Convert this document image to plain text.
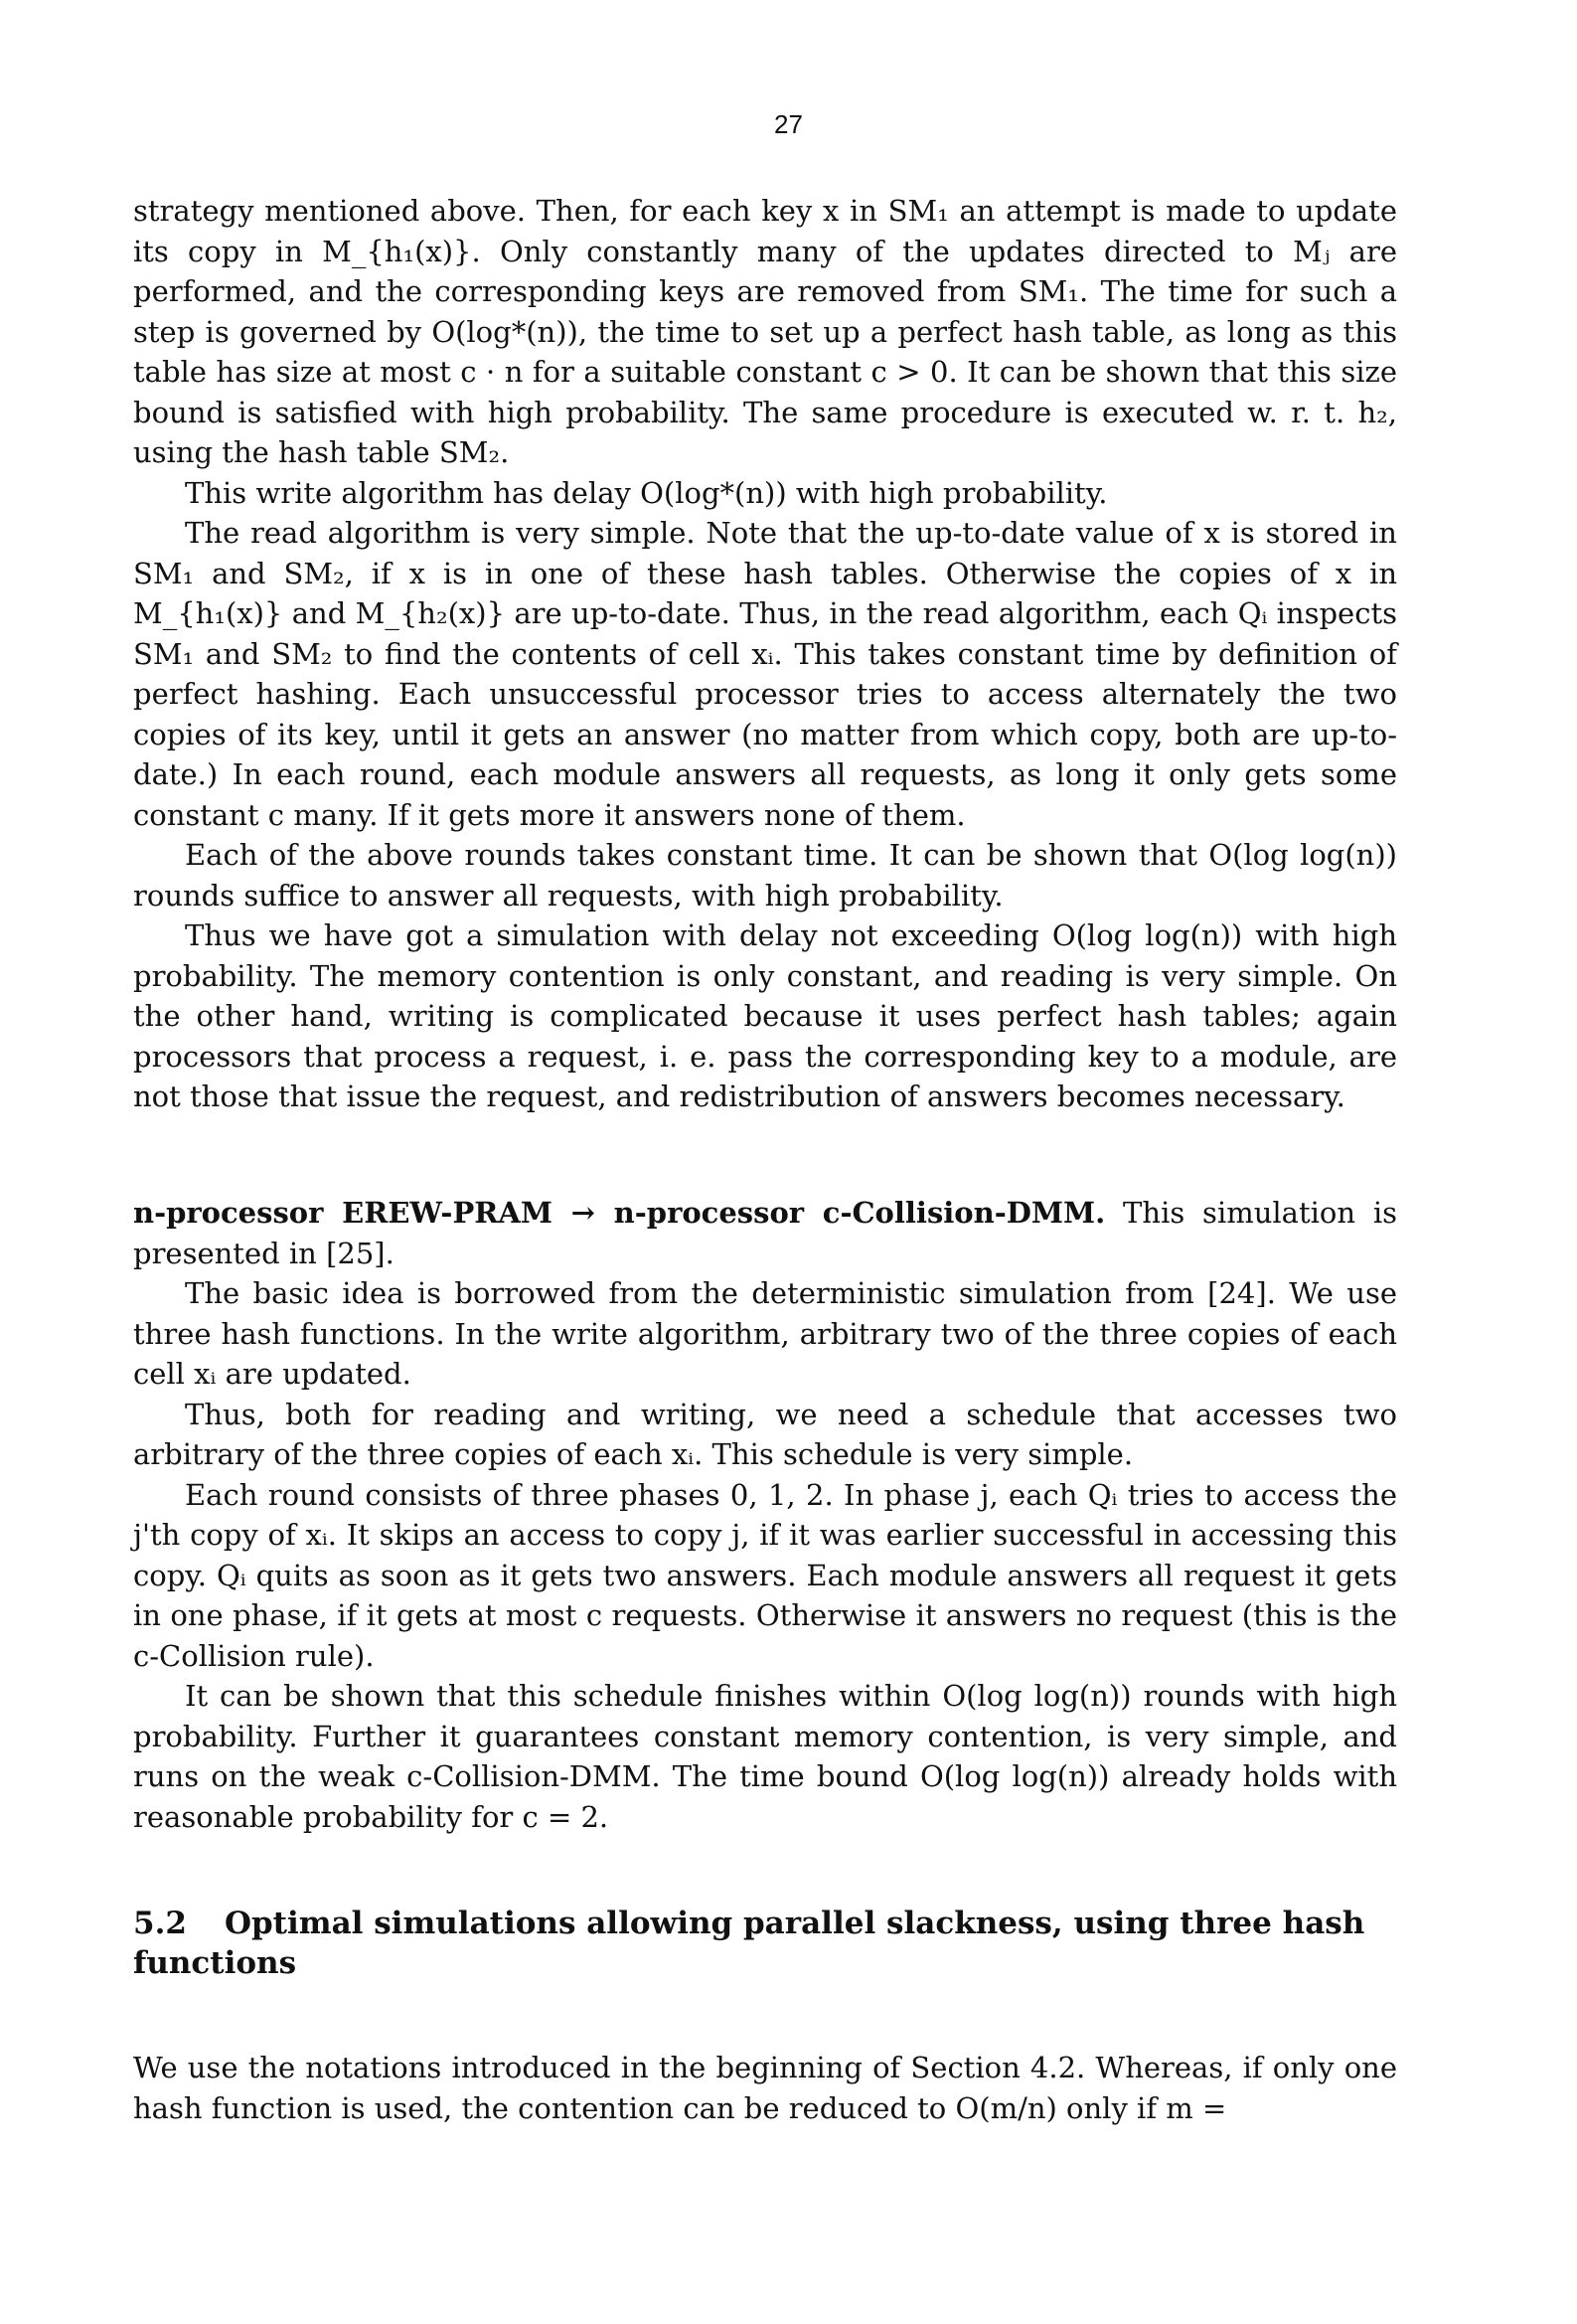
27

strategy mentioned above. Then, for each key x in SM₁ an attempt is made to update its copy in M_{h₁(x)}. Only constantly many of the updates directed to Mⱼ are performed, and the corresponding keys are removed from SM₁. The time for such a step is governed by O(log*(n)), the time to set up a perfect hash table, as long as this table has size at most c · n for a suitable constant c > 0. It can be shown that this size bound is satisfied with high probability. The same procedure is executed w. r. t. h₂, using the hash table SM₂.

This write algorithm has delay O(log*(n)) with high probability.

The read algorithm is very simple. Note that the up-to-date value of x is stored in SM₁ and SM₂, if x is in one of these hash tables. Otherwise the copies of x in M_{h₁(x)} and M_{h₂(x)} are up-to-date. Thus, in the read algorithm, each Qᵢ inspects SM₁ and SM₂ to find the contents of cell xᵢ. This takes constant time by definition of perfect hashing. Each unsuccessful processor tries to access alternately the two copies of its key, until it gets an answer (no matter from which copy, both are up-to-date.) In each round, each module answers all requests, as long it only gets some constant c many. If it gets more it answers none of them.

Each of the above rounds takes constant time. It can be shown that O(log log(n)) rounds suffice to answer all requests, with high probability.

Thus we have got a simulation with delay not exceeding O(log log(n)) with high probability. The memory contention is only constant, and reading is very simple. On the other hand, writing is complicated because it uses perfect hash tables; again processors that process a request, i. e. pass the corresponding key to a module, are not those that issue the request, and redistribution of answers becomes necessary.

n-processor EREW-PRAM → n-processor c-Collision-DMM. This simulation is presented in [25].

The basic idea is borrowed from the deterministic simulation from [24]. We use three hash functions. In the write algorithm, arbitrary two of the three copies of each cell xᵢ are updated.

Thus, both for reading and writing, we need a schedule that accesses two arbitrary of the three copies of each xᵢ. This schedule is very simple.

Each round consists of three phases 0, 1, 2. In phase j, each Qᵢ tries to access the j'th copy of xᵢ. It skips an access to copy j, if it was earlier successful in accessing this copy. Qᵢ quits as soon as it gets two answers. Each module answers all request it gets in one phase, if it gets at most c requests. Otherwise it answers no request (this is the c-Collision rule).

It can be shown that this schedule finishes within O(log log(n)) rounds with high probability. Further it guarantees constant memory contention, is very simple, and runs on the weak c-Collision-DMM. The time bound O(log log(n)) already holds with reasonable probability for c = 2.

5.2 Optimal simulations allowing parallel slackness, using three hash functions

We use the notations introduced in the beginning of Section 4.2. Whereas, if only one hash function is used, the contention can be reduced to O(m/n) only if m =
